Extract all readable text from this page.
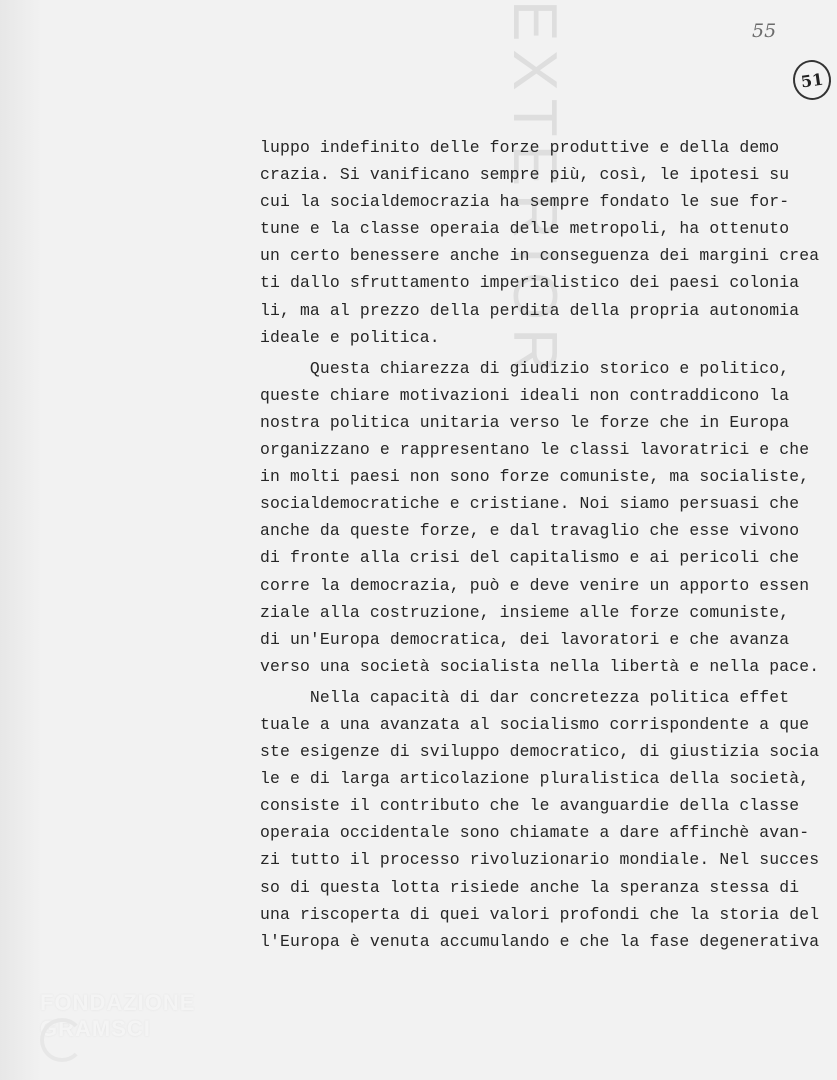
EXTERIOR	55
51
luppo indefinito delle forze produttive e della demo
crazia. Si vanificano sempre più, così, le ipotesi su
cui la socialdemocrazia ha sempre fondato le sue for-
tune e la classe operaia delle metropoli, ha ottenuto
un certo benessere anche in conseguenza dei margini crea
ti dallo sfruttamento imperialistico dei paesi colonia
li, ma al prezzo della perdita della propria autonomia
ideale e politica.
Questa chiarezza di giudizio storico e politico,
queste chiare motivazioni ideali non contraddicono la
nostra politica unitaria verso le forze che in Europa
organizzano e rappresentano le classi lavoratrici e che
in molti paesi non sono forze comuniste, ma socialiste,
socialdemocratiche e cristiane. Noi siamo persuasi che
anche da queste forze, e dal travaglio che esse vivono
di fronte alla crisi del capitalismo e ai pericoli che
corre la democrazia, può e deve venire un apporto essen
ziale alla costruzione, insieme alle forze comuniste,
di un'Europa democratica, dei lavoratori e che avanza
verso una società socialista nella libertà e nella pace.
Nella capacità di dar concretezza politica effet
tuale a una avanzata al socialismo corrispondente a que
ste esigenze di sviluppo democratico, di giustizia socia
le e di larga articolazione pluralistica della società,
consiste il contributo che le avanguardie della classe
operaia occidentale sono chiamate a dare affinchè avan-
zi tutto il processo rivoluzionario mondiale. Nel succes
so di questa lotta risiede anche la speranza stessa di
una riscoperta di quei valori profondi che la storia del
l'Europa è venuta accumulando e che la fase degenerativa
FONDAZIONE GRAMSCI
